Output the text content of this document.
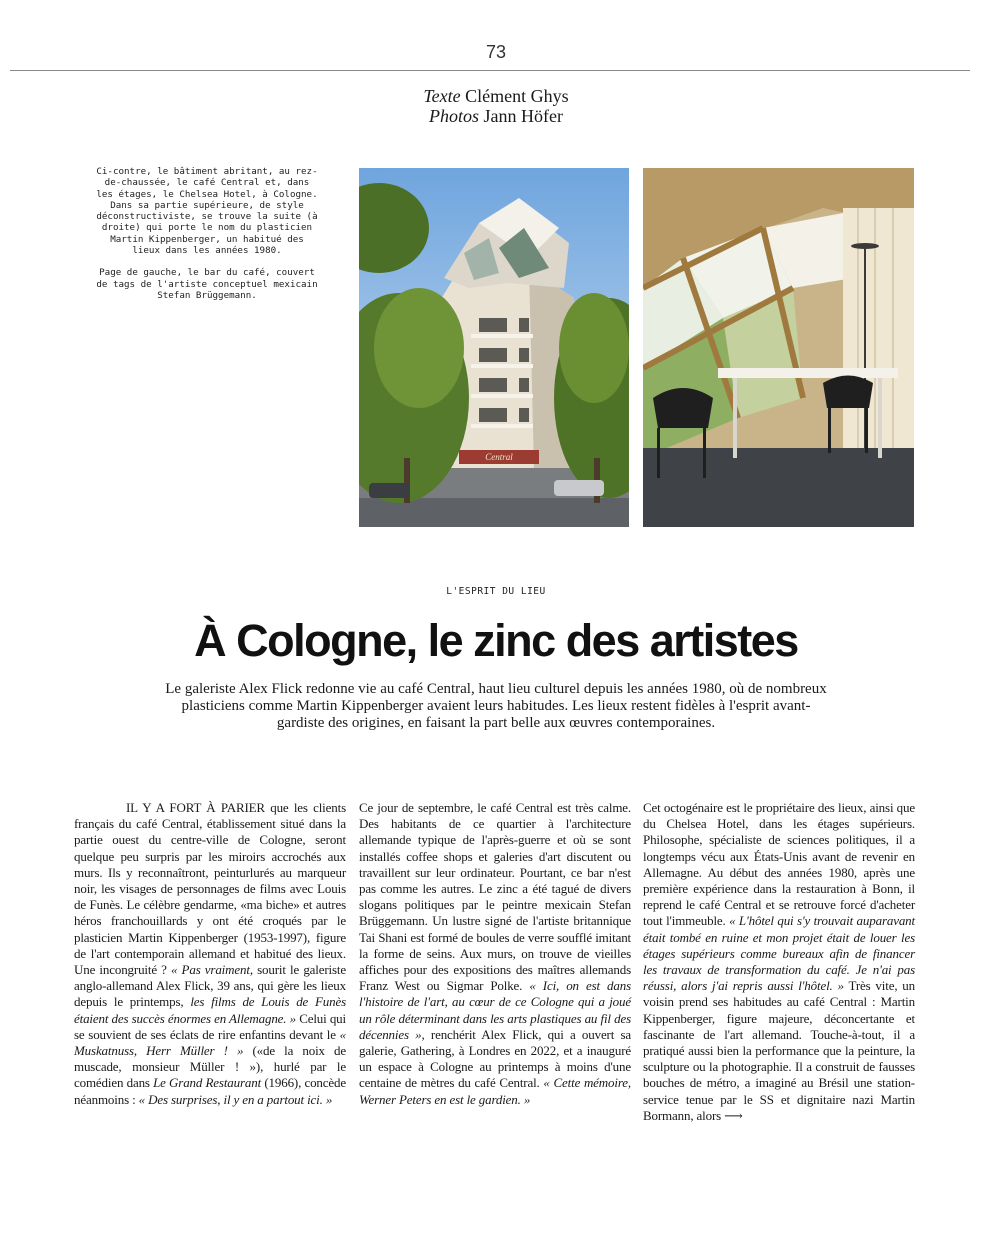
73
Texte Clément Ghys
Photos Jann Höfer

Ci-contre, le bâtiment abritant, au rez-de-chaussée, le café Central et, dans les étages, le Chelsea Hotel, à Cologne. Dans sa partie supérieure, de style déconstructiviste, se trouve la suite (à droite) qui porte le nom du plasticien Martin Kippenberger, un habitué des lieux dans les années 1980.

Page de gauche, le bar du café, couvert de tags de l'artiste conceptuel mexicain Stefan Brüggemann.

Central
L'ESPRIT DU LIEU
À Cologne, le zinc des artistes
Le galeriste Alex Flick redonne vie au café Central, haut lieu culturel depuis les années 1980, où de nombreux plasticiens comme Martin Kippenberger avaient leurs habitudes. Les lieux restent fidèles à l'esprit avant-gardiste des origines, en faisant la part belle aux œuvres contemporaines.

IL Y A FORT À PARIER que les clients français du café Central, établissement situé dans la partie ouest du centre-ville de Cologne, seront quelque peu surpris par les miroirs accrochés aux murs. Ils y reconnaîtront, peinturlurés au marqueur noir, les visages de personnages de films avec Louis de Funès. Le célèbre gendarme, «ma biche» et autres héros franchouillards y ont été croqués par le plasticien Martin Kippenberger (1953-1997), figure de l'art contemporain allemand et habitué des lieux. Une incongruité ? « Pas vraiment, sourit le galeriste anglo-allemand Alex Flick, 39 ans, qui gère les lieux depuis le printemps, les films de Louis de Funès étaient des succès énormes en Allemagne. » Celui qui se souvient de ses éclats de rire enfantins devant le « Muskatnuss, Herr Müller ! » («de la noix de muscade, monsieur Müller ! »), hurlé par le comédien dans Le Grand Restaurant (1966), concède néanmoins : « Des surprises, il y en a partout ici. »

Ce jour de septembre, le café Central est très calme. Des habitants de ce quartier à l'architecture allemande typique de l'après-guerre et où se sont installés coffee shops et galeries d'art discutent ou travaillent sur leur ordinateur. Pourtant, ce bar n'est pas comme les autres. Le zinc a été tagué de divers slogans politiques par le peintre mexicain Stefan Brüggemann. Un lustre signé de l'artiste britannique Tai Shani est formé de boules de verre soufflé imitant la forme de seins. Aux murs, on trouve de vieilles affiches pour des expositions des maîtres allemands Franz West ou Sigmar Polke. « Ici, on est dans l'histoire de l'art, au cœur de ce Cologne qui a joué un rôle déterminant dans les arts plastiques au fil des décennies », renchérit Alex Flick, qui a ouvert sa galerie, Gathering, à Londres en 2022, et a inauguré un espace à Cologne au printemps à moins d'une centaine de mètres du café Central. « Cette mémoire, Werner Peters en est le gardien. »

Cet octogénaire est le propriétaire des lieux, ainsi que du Chelsea Hotel, dans les étages supérieurs. Philosophe, spécialiste de sciences politiques, il a longtemps vécu aux États-Unis avant de revenir en Allemagne. Au début des années 1980, après une première expérience dans la restauration à Bonn, il reprend le café Central et se retrouve forcé d'acheter tout l'immeuble. « L'hôtel qui s'y trouvait auparavant était tombé en ruine et mon projet était de louer les étages supérieurs comme bureaux afin de financer les travaux de transformation du café. Je n'ai pas réussi, alors j'ai repris aussi l'hôtel. » Très vite, un voisin prend ses habitudes au café Central : Martin Kippenberger, figure majeure, déconcertante et fascinante de l'art allemand. Touche-à-tout, il a pratiqué aussi bien la performance que la peinture, la sculpture ou la photographie. Il a construit de fausses bouches de métro, a imaginé au Brésil une station-service tenue par le SS et dignitaire nazi Martin Bormann, alors ⟶
